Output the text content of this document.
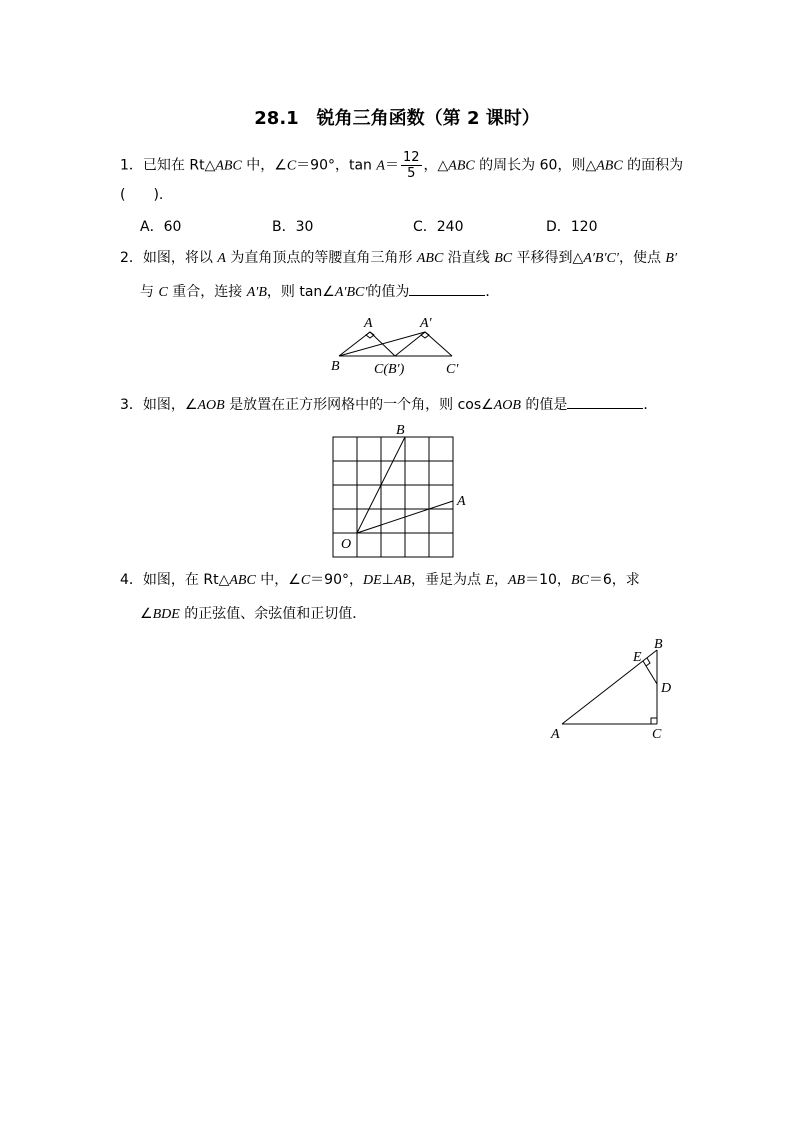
28.1　锐角三角函数（第 2 课时）
1．已知在 Rt△ABC 中，∠C＝90°，$\tan A= \frac{12}{5}$ ，△ABC 的周长为 60，则△ABC 的面积为
(　　).
A．60	B．30	C．240	D．120
2．如图，将以 A 为直角顶点的等腰直角三角形 ABC 沿直线 BC 平移得到△A′B′C′，使点 B′
与 C 重合，连接 A′B，则 tan∠A′BC′的值为	．
A	A′
B C(B′)	C′
3．如图，∠AOB 是放置在正方形网格中的一个角，则 cos∠AOB 的值是	．
B
A
O
4．如图，在 Rt△ABC 中，∠C＝90°，DE⊥AB，垂足为点 E，AB＝10，BC＝6，求
∠BDE 的正弦值、余弦值和正切值．
B
E
D
A	C
